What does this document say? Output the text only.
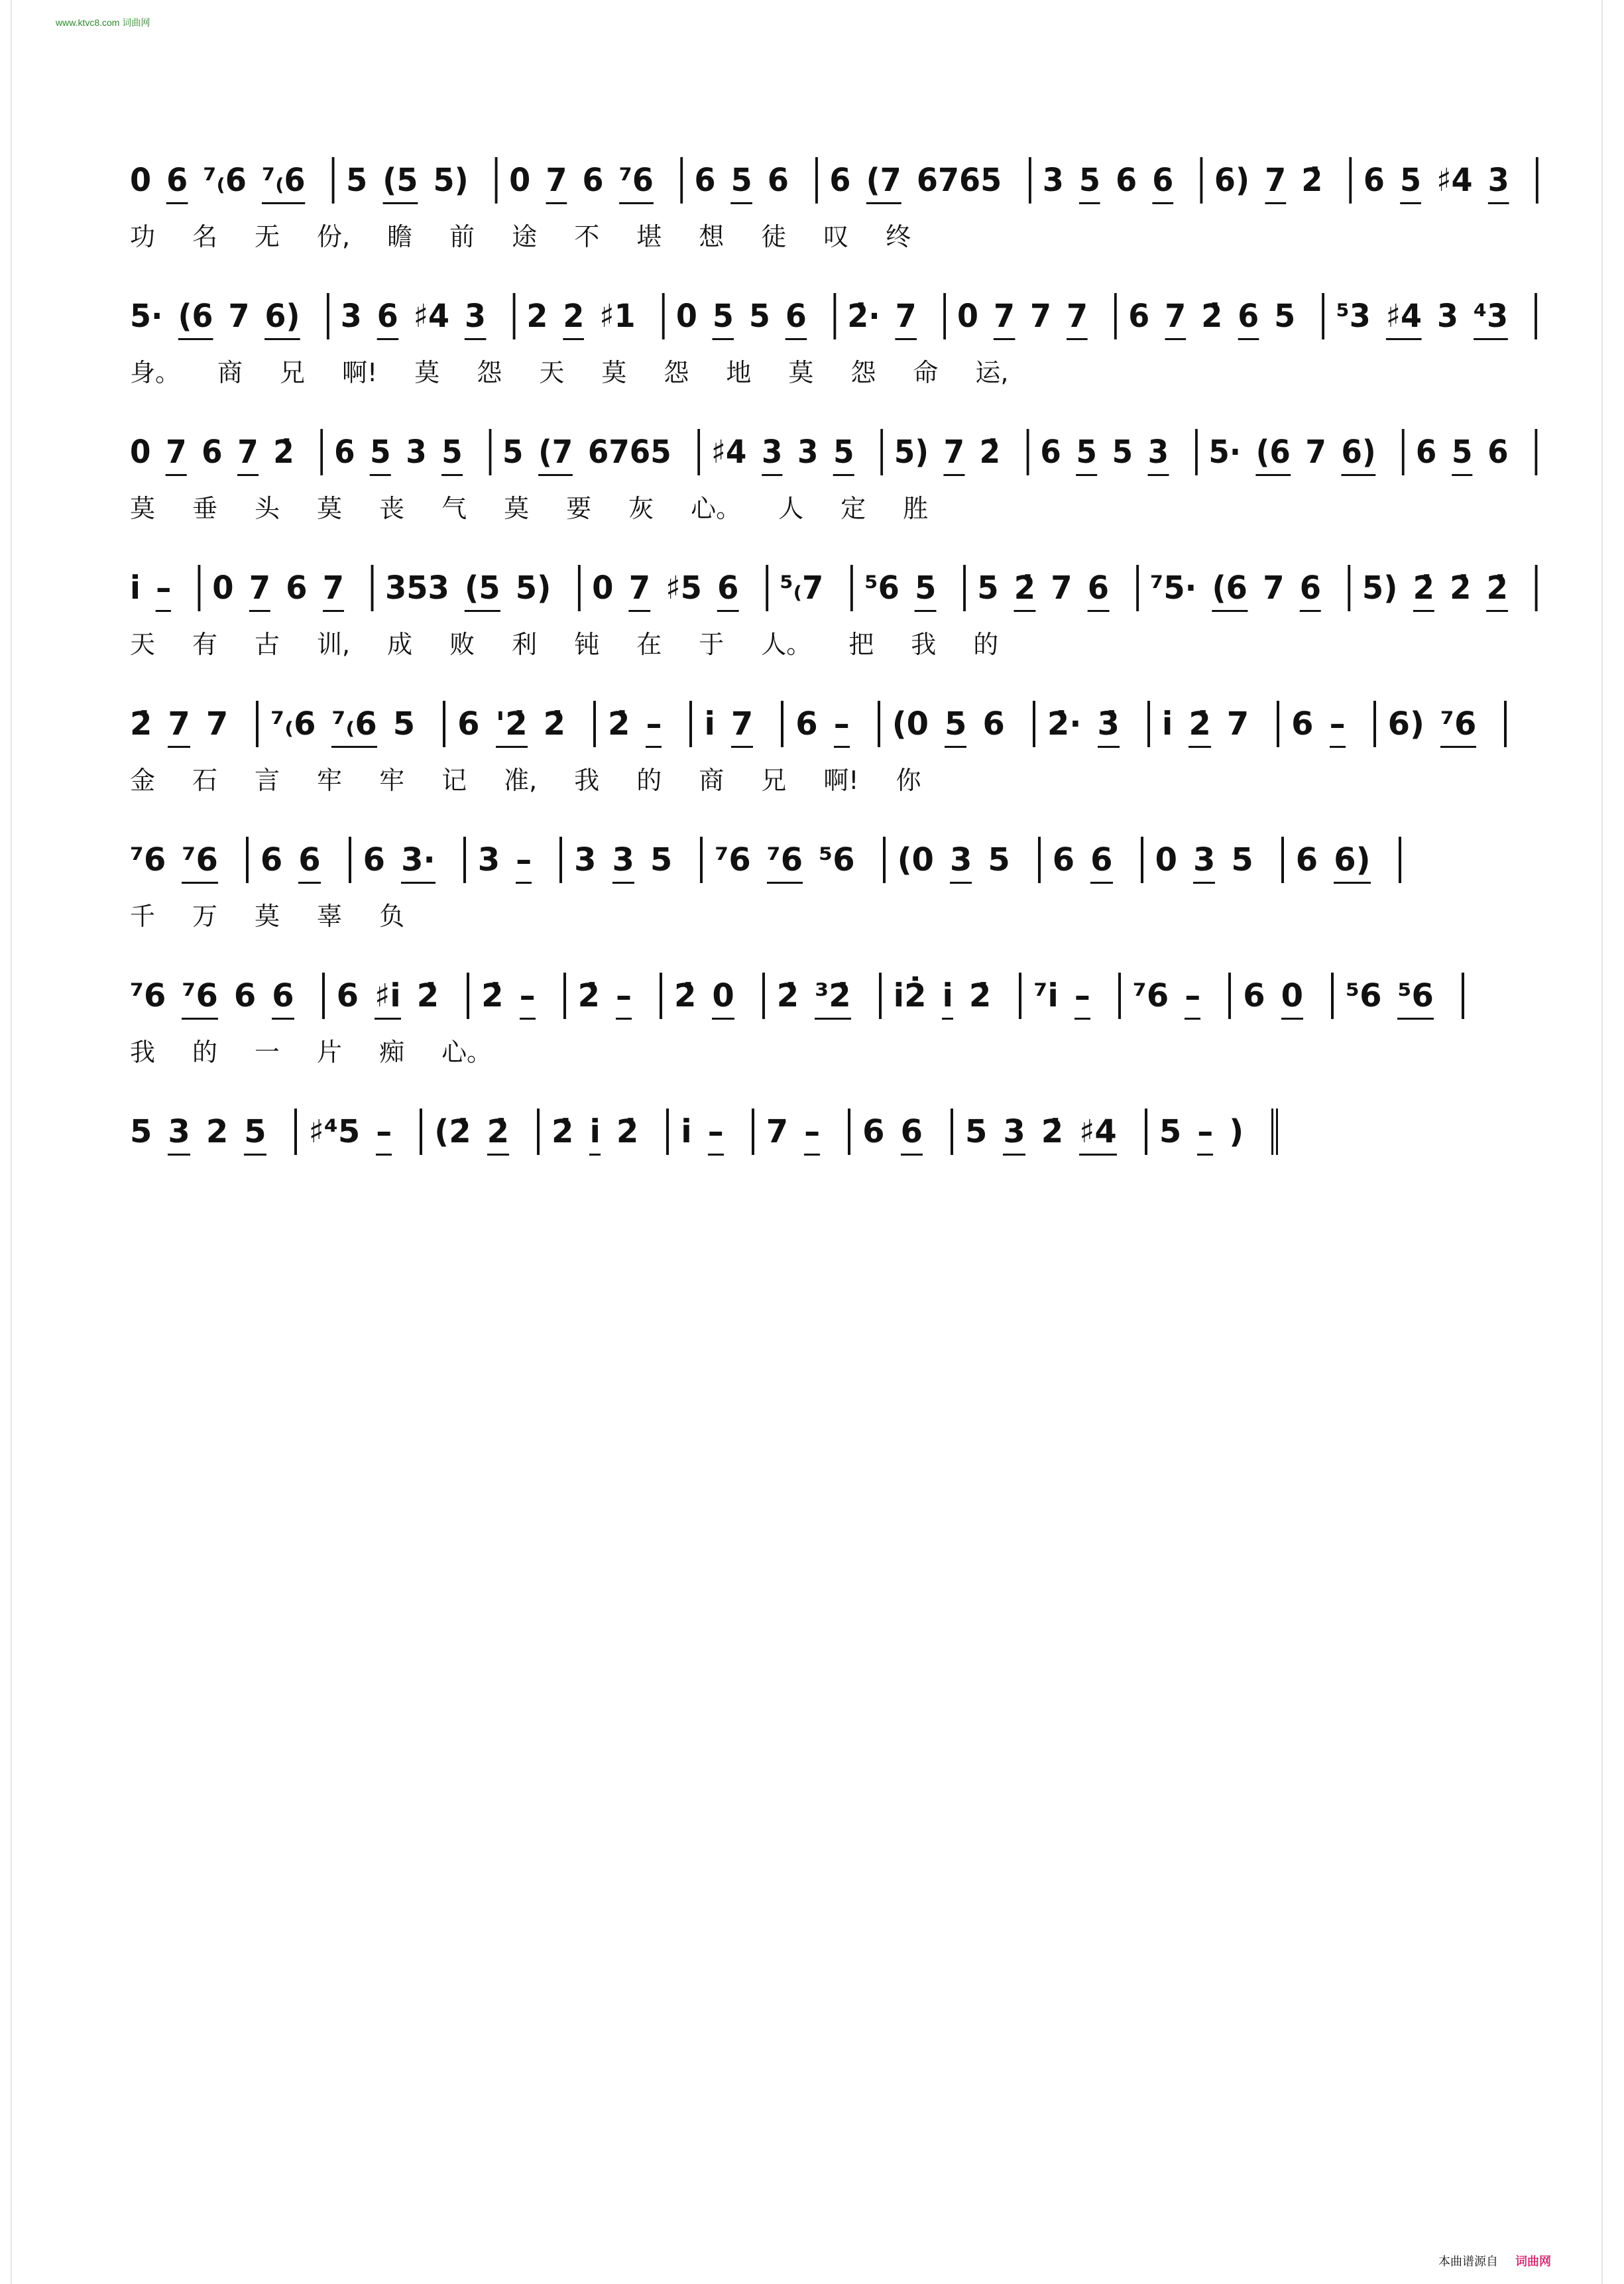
www.ktvc8.com 词曲网
0 6 ⁷₍6 ⁷₍6 5 (5 5) 0 7 6 ⁷6 6 5 6 6 (7 6765 3 5 6 6 6) 7 2̇ 6 5 ♯4 3
功 名 无 份, 瞻 前 途 不 堪 想 徒 叹 终
5· (6 7 6) 3 6 ♯4 3 2 2 ♯1 0 5 5 6 2̇· 7 0 7 7 7 6 7 2̇ 6 5 ⁵3 ♯4 3 ⁴3
身。 商 兄 啊! 莫 怨 天 莫 怨 地 莫 怨 命 运,
0 7 6 7 2̇ 6 5 3 5 5 (7 6765 ♯4 3 3 5 5) 7 2̇ 6 5 5 3 5· (6 7 6) 6 5 6
莫 垂 头 莫 丧 气 莫 要 灰 心。 人 定 胜
i̇ – 0 7 6 7 353 (5 5) 0 7 ♯5 6 ⁵₍7 ⁵6 5 5 2̇ 7 6 ⁷5· (6 7 6 5) 2̇ 2̇ 2̇
天 有 古 训, 成 败 利 钝 在 于 人。 把 我 的
2̇ 7 7 ⁷₍6 ⁷₍6 5 6 '2̇ 2̇ 2̇ – i̇ 7 6 – (0 5 6 2̇· 3̇ i̇ 2̇ 7 6 – 6) ⁷6
金 石 言 牢 牢 记 准, 我 的 商 兄 啊! 你
⁷6 ⁷6 6 6 6 3· 3 – 3 3 5 ⁷6 ⁷6 ⁵6 (0 3 5 6 6 0 3 5 6 6)
千 万 莫 辜 负
⁷6 ⁷6 6 6 6 ♯i̇ 2̇ 2̇ – 2̇ – 2̇ 0 2̇ ³2̇ i̇2̇ i̇ 2̇ ⁷i̇ – ⁷6 – 6 0 ⁵6 ⁵6
我 的 一 片 痴 心。
5 3 2 5 ♯⁴5 – (2̇ 2̇ 2̇ i̇ 2̇ i̇ – 7 – 6 6 5 3 2̇ ♯4 5 – )
本曲谱源自 词曲网
